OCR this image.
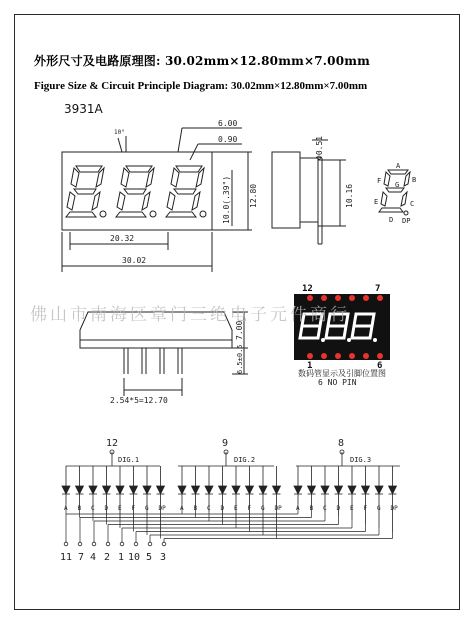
外形尺寸及电路原理图: 30.02mm×12.80mm×7.00mm
Figure Size & Circuit Principle Diagram: 30.02mm×12.80mm×7.00mm
3931A
10°
6.00
0.90
20.32
30.02
10.0(.39") 12.80
Φ0.51
10.16
A
B
C
D
E
F G
DP
7.00
6.5±0.5
2.54*5=12.70
12	7
1	6
12	9	8
DIG.1	DIG.2	DIG.3
A B C D E F G DP A B C D E F G DP A B C D E F G DP
11 7 4 2 1 10 5 3
佛山市南海区章门三绝电子元件商行
数码管显示及引脚位置图
6 NO PIN
